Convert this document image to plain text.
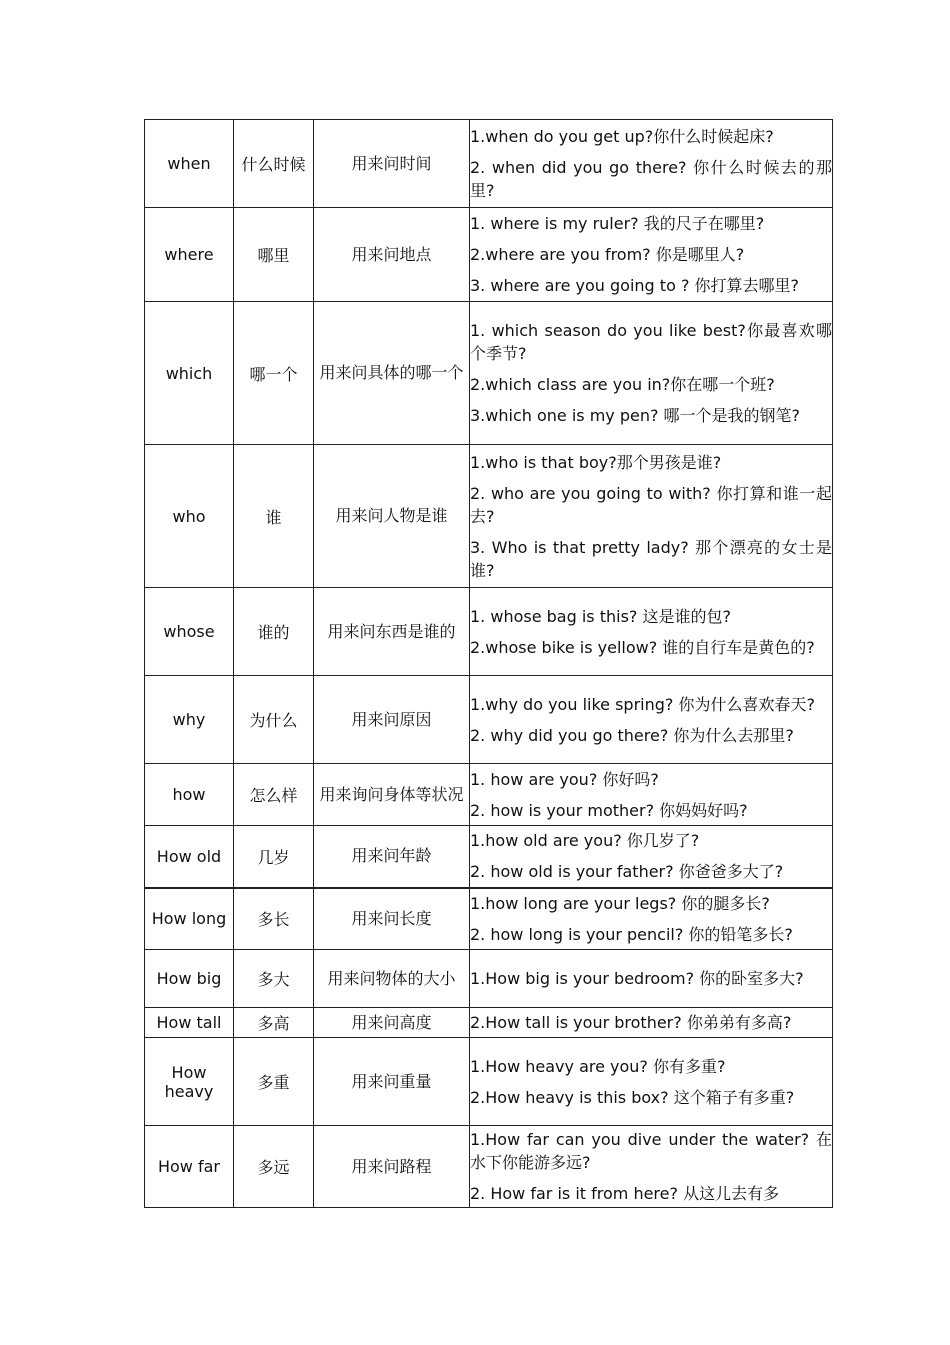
when	什么时候	用来问时间	1.when do you get up?你什么时候起床?
2. when did you go there? 你什么时候去的那里?

where	哪里	用来问地点	1. where is my ruler? 我的尺子在哪里?
2.where are you from? 你是哪里人?
3. where are you going to ? 你打算去哪里?

which	哪一个	用来问具体的哪一个	1. which season do you like best?你最喜欢哪个季节?
2.which class are you in?你在哪一个班?
3.which one is my pen? 哪一个是我的钢笔?

who	谁	用来问人物是谁	1.who is that boy?那个男孩是谁?
2. who are you going to with? 你打算和谁一起去?
3. Who is that pretty lady? 那个漂亮的女士是谁?

whose	谁的	用来问东西是谁的	1. whose bag is this? 这是谁的包?
2.whose bike is yellow? 谁的自行车是黄色的?

why	为什么	用来问原因	1.why do you like spring? 你为什么喜欢春天?
2. why did you go there? 你为什么去那里?

how	怎么样	用来询问身体等状况	1. how are you? 你好吗?
2. how is your mother? 你妈妈好吗?

How old	几岁	用来问年龄	1.how old are you? 你几岁了?
2. how old is your father? 你爸爸多大了?

How long	多长	用来问长度	1.how long are your legs? 你的腿多长?
2. how long is your pencil? 你的铅笔多长?

How big	多大	用来问物体的大小	1.How big is your bedroom? 你的卧室多大?

How tall	多高	用来问高度	2.How tall is your brother? 你弟弟有多高?

How heavy	多重	用来问重量	1.How heavy are you? 你有多重?
2.How heavy is this box? 这个箱子有多重?

How far	多远	用来问路程	1.How far can you dive under the water? 在水下你能游多远?
2. How far is it from here? 从这儿去有多
